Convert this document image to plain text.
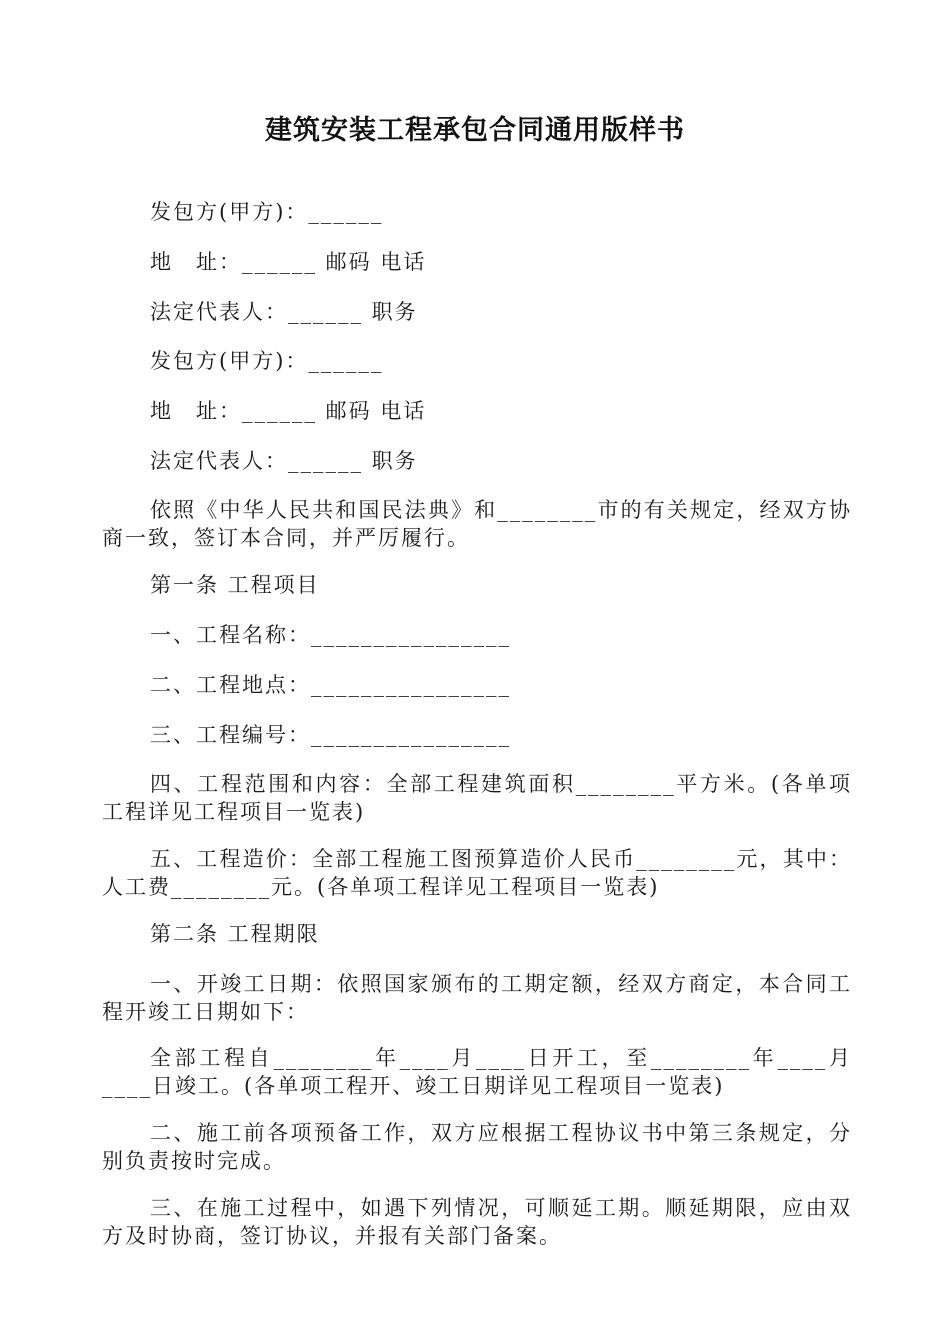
建筑安装工程承包合同通用版样书
发包方(甲方)：______
地　址：______ 邮码 电话
法定代表人：______ 职务
发包方(甲方)：______
地　址：______ 邮码 电话
法定代表人：______ 职务
依照《中华人民共和国民法典》和________市的有关规定，经双方协商一致，签订本合同，并严厉履行。
第一条 工程项目
一、工程名称：________________
二、工程地点：________________
三、工程编号：________________
四、工程范围和内容：全部工程建筑面积________平方米。(各单项工程详见工程项目一览表)
五、工程造价：全部工程施工图预算造价人民币________元，其中：人工费________元。(各单项工程详见工程项目一览表)
第二条 工程期限
一、开竣工日期：依照国家颁布的工期定额，经双方商定，本合同工程开竣工日期如下：
全部工程自________年____月____日开工，至________年____月____日竣工。(各单项工程开、竣工日期详见工程项目一览表)
二、施工前各项预备工作，双方应根据工程协议书中第三条规定，分别负责按时完成。
三、在施工过程中，如遇下列情况，可顺延工期。顺延期限，应由双方及时协商，签订协议，并报有关部门备案。
